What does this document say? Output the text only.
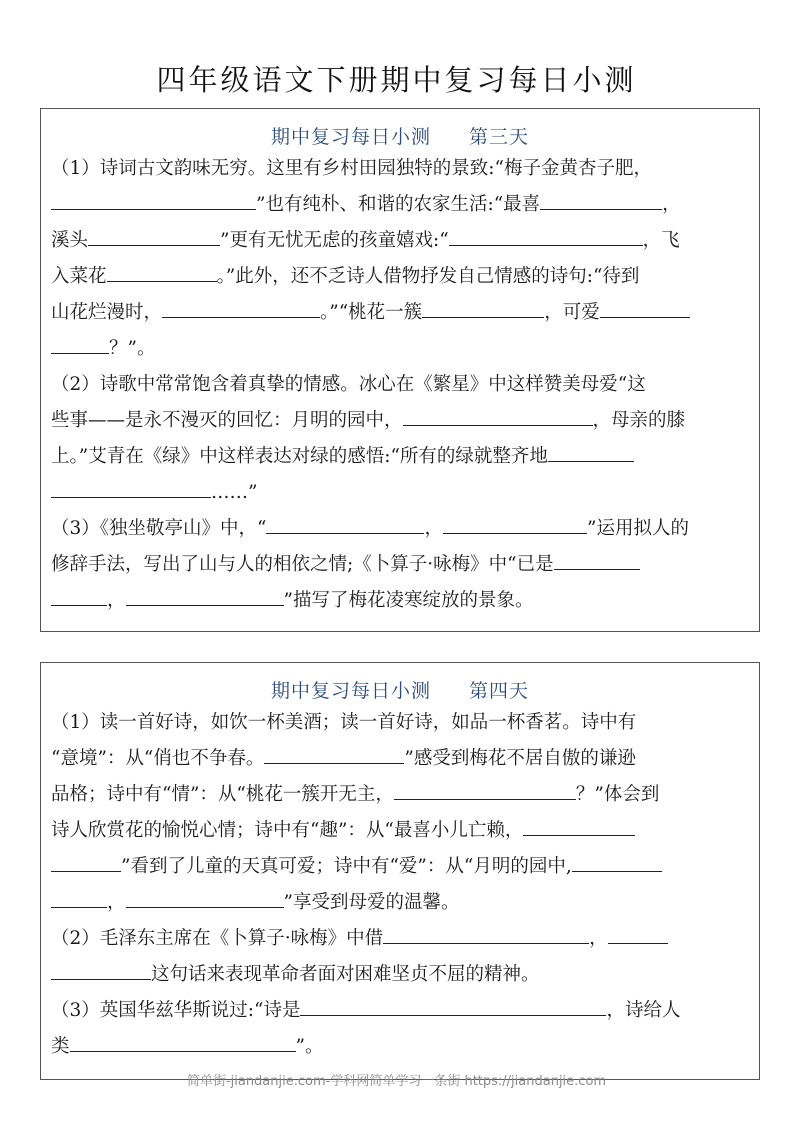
四年级语文下册期中复习每日小测
期中复习每日小测 第三天
（1）诗词古文韵味无穷。这里有乡村田园独特的景致:“梅子金黄杏子肥，
”也有纯朴、和谐的农家生活:“最喜	，
溪头	”更有无忧无虑的孩童嬉戏:“	，飞
入菜花	。”此外，还不乏诗人借物抒发自己情感的诗句:“待到
山花烂漫时，	。”“桃花一簇	，可爱
？”。
（2）诗歌中常常饱含着真挚的情感。冰心在《繁星》中这样赞美母爱“这
些事——是永不漫灭的回忆：月明的园中，	，母亲的膝
上。”艾青在《绿》中这样表达对绿的感悟:“所有的绿就整齐地
……”
（3）《独坐敬亭山》中，“	，	”运用拟人的
修辞手法，写出了山与人的相依之情;《卜算子·咏梅》中“已是
，	”描写了梅花凌寒绽放的景象。
期中复习每日小测 第四天
（1）读一首好诗，如饮一杯美酒；读一首好诗，如品一杯香茗。诗中有
“意境”：从“俏也不争春。	”感受到梅花不居自傲的谦逊
品格；诗中有“情”：从“桃花一簇开无主，	？”体会到
诗人欣赏花的愉悦心情；诗中有“趣”：从“最喜小儿亡赖，
”看到了儿童的天真可爱；诗中有“爱”：从“月明的园中,
，	”享受到母爱的温馨。
（2）毛泽东主席在《卜算子·咏梅》中借	，
这句话来表现革命者面对困难坚贞不屈的精神。
（3）英国华兹华斯说过:“诗是	，诗给人
类	”。
简单街-jiandanjie.com-学科网简单学习一条街 https://jiandanjie.com
